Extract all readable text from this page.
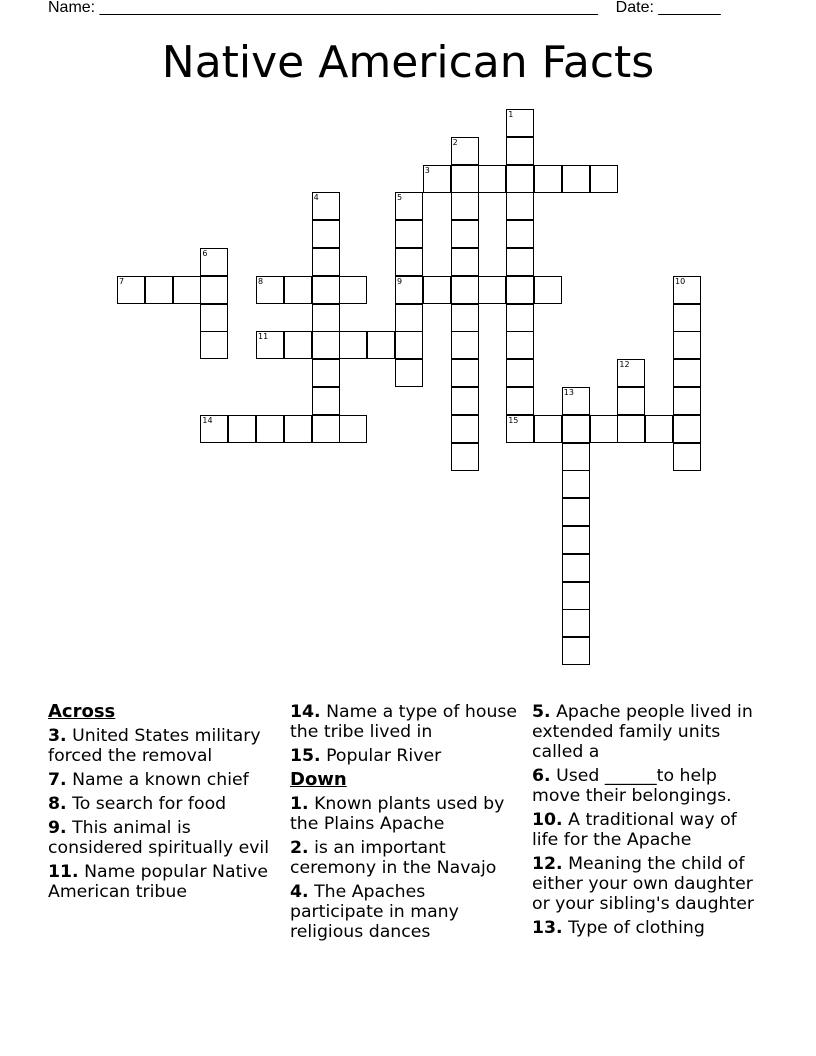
Name: ________________________________________________________ Date: _______
Native American Facts
1
2
3
4	5
9
6
7	8	10
11
12
13
14	15
Across
3. United States military forced the removal
7. Name a known chief
8. To search for food
9. This animal is considered spiritually evil
11. Name popular Native American tribue
14. Name a type of house the tribe lived in
15. Popular River
Down
1. Known plants used by the Plains Apache
2. is an important ceremony in the Navajo
4. The Apaches participate in many religious dances
5. Apache people lived in extended family units called a
6. Used ______to help move their belongings.
10. A traditional way of life for the Apache
12. Meaning the child of either your own daughter or your sibling's daughter
13. Type of clothing
